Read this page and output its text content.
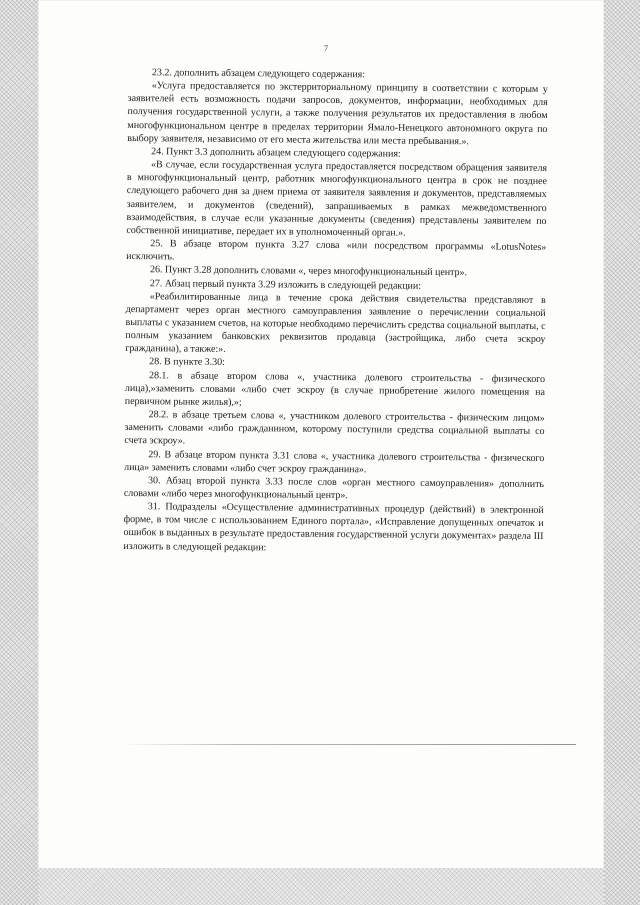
7

23.2. дополнить абзацем следующего содержания:

«Услуга предоставляется по экстерриториальному принципу в соответствии с которым у заявителей есть возможность подачи запросов, документов, информации, необходимых для получения государственной услуги, а также получения результатов их предоставления в любом многофункциональном центре в пределах территории Ямало-Ненецкого автономного округа по выбору заявителя, независимо от его места жительства или места пребывания.».

24. Пункт 3.3 дополнить абзацем следующего содержания:

«В случае, если государственная услуга предоставляется посредством обращения заявителя в многофункциональный центр, работник многофункционального центра в срок не позднее следующего рабочего дня за днем приема от заявителя заявления и документов, представляемых заявителем, и документов (сведений), запрашиваемых в рамках межведомственного взаимодействия, в случае если указанные документы (сведения) представлены заявителем по собственной инициативе, передает их в уполномоченный орган.».

25. В абзаце втором пункта 3.27 слова «или посредством программы «LotusNotes» исключить.

26. Пункт 3.28 дополнить словами «, через многофункциональный центр».

27. Абзац первый пункта 3.29 изложить в следующей редакции:

«Реабилитированные лица в течение срока действия свидетельства представляют в департамент через орган местного самоуправления заявление о перечислении социальной выплаты с указанием счетов, на которые необходимо перечислить средства социальной выплаты, с полным указанием банковских реквизитов продавца (застройщика, либо счета эскроу гражданина), а также:».

28. В пункте 3.30:

28.1. в абзаце втором слова «, участника долевого строительства - физического лица),»заменить словами «либо счет эскроу (в случае приобретение жилого помещения на первичном рынке жилья),»;

28.2. в абзаце третьем слова «, участником долевого строительства - физическим лицом» заменить словами «либо гражданином, которому поступили средства социальной выплаты со счета эскроу».

29. В абзаце втором пункта 3.31 слова «, участника долевого строительства - физического лица» заменить словами «либо счет эскроу гражданина».

30. Абзац второй пункта 3.33 после слов «орган местного самоуправления» дополнить словами «либо через многофункциональный центр».

31. Подразделы «Осуществление административных процедур (действий) в электронной форме, в том числе с использованием Единого портала», «Исправление допущенных опечаток и ошибок в выданных в результате предоставления государственной услуги документах» раздела III изложить в следующей редакции:
